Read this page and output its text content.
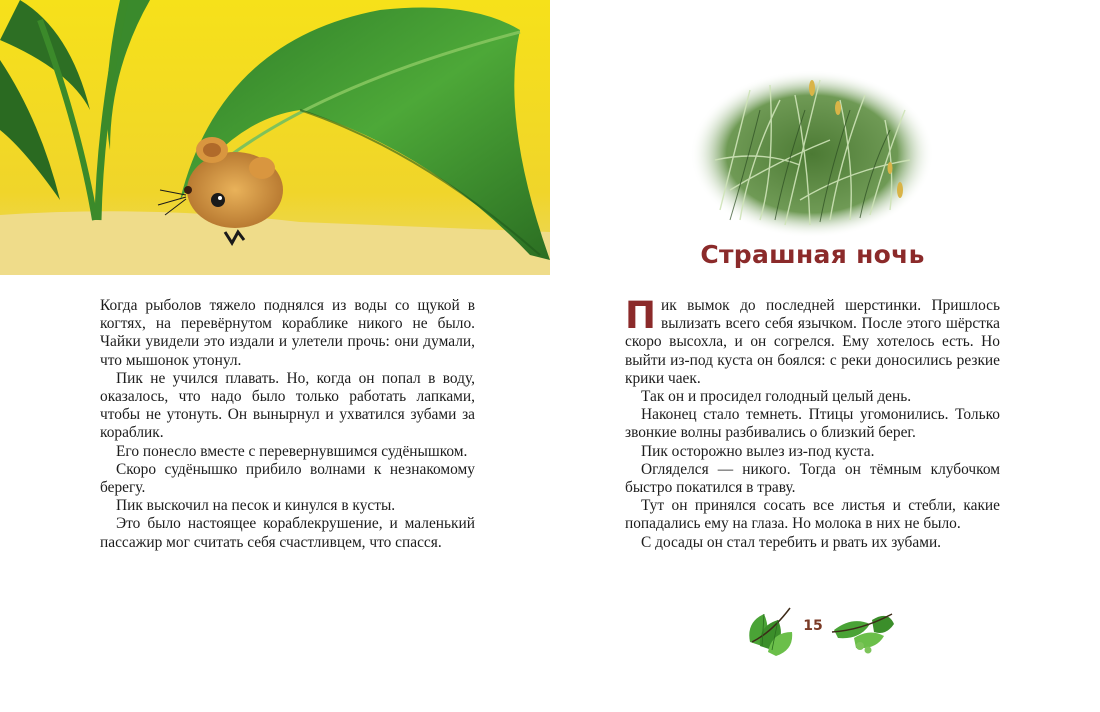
Когда рыболов тяжело поднялся из воды со щукой в когтях, на перевёрнутом кораблике никого не было. Чайки увидели это издали и улетели прочь: они думали, что мышонок утонул.

Пик не учился плавать. Но, когда он попал в воду, оказалось, что надо было только работать лапками, чтобы не утонуть. Он вынырнул и ухватился зубами за кораблик.

Его понесло вместе с перевернувшимся судёнышком.

Скоро судёнышко прибило волнами к незнакомому берегу.

Пик выскочил на песок и кинулся в кусты.

Это было настоящее кораблекрушение, и маленький пассажир мог считать себя счастливцем, что спасся.

Страшная ночь

Пик вымок до последней шерстинки. Пришлось вылизать всего себя язычком. После этого шёрстка скоро высохла, и он согрелся. Ему хотелось есть. Но выйти из-под куста он боялся: с реки доносились резкие крики чаек.

Так он и просидел голодный целый день.

Наконец стало темнеть. Птицы угомонились. Только звонкие волны разбивались о близкий берег.

Пик осторожно вылез из-под куста.

Огляделся — никого. Тогда он тёмным клубочком быстро покатился в траву.

Тут он принялся сосать все листья и стебли, какие попадались ему на глаза. Но молока в них не было.

С досады он стал теребить и рвать их зубами.

15
